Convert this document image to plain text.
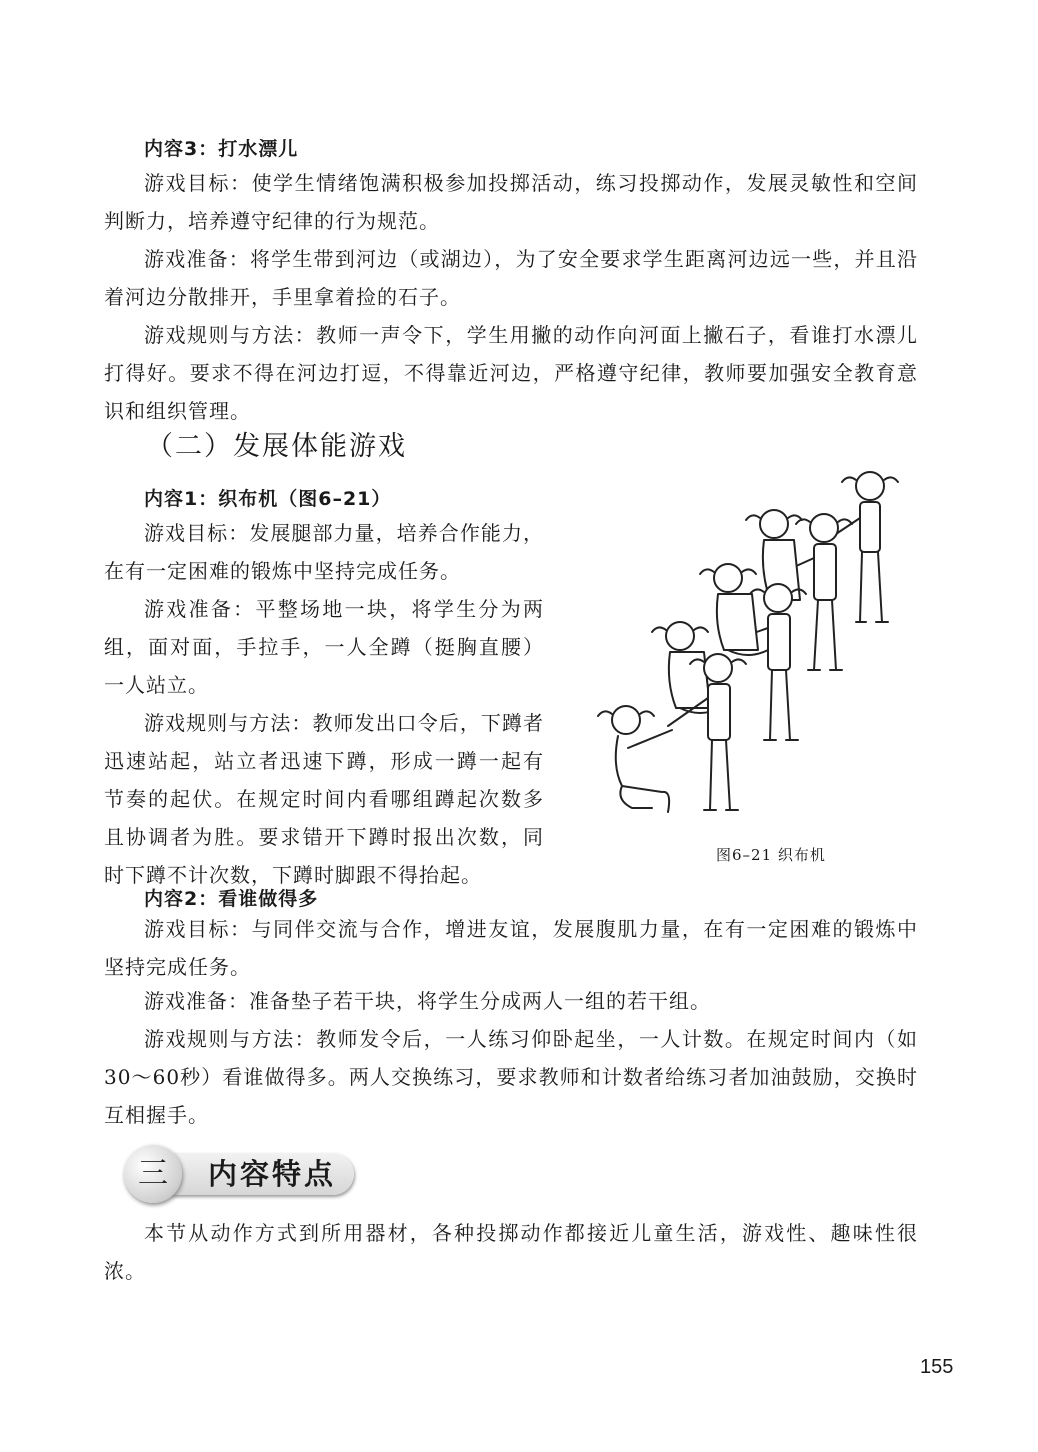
内容3：打水漂儿

游戏目标：使学生情绪饱满积极参加投掷活动，练习投掷动作，发展灵敏性和空间判断力，培养遵守纪律的行为规范。

游戏准备：将学生带到河边（或湖边），为了安全要求学生距离河边远一些，并且沿着河边分散排开，手里拿着捡的石子。

游戏规则与方法：教师一声令下，学生用撇的动作向河面上撇石子，看谁打水漂儿打得好。要求不得在河边打逗，不得靠近河边，严格遵守纪律，教师要加强安全教育意识和组织管理。

（二）发展体能游戏

内容1：织布机（图6–21）

游戏目标：发展腿部力量，培养合作能力，在有一定困难的锻炼中坚持完成任务。

游戏准备：平整场地一块，将学生分为两组，面对面，手拉手，一人全蹲（挺胸直腰）一人站立。

游戏规则与方法：教师发出口令后，下蹲者迅速站起，站立者迅速下蹲，形成一蹲一起有节奏的起伏。在规定时间内看哪组蹲起次数多且协调者为胜。要求错开下蹲时报出次数，同时下蹲不计次数，下蹲时脚跟不得抬起。

图6–21 织布机

内容2：看谁做得多

游戏目标：与同伴交流与合作，增进友谊，发展腹肌力量，在有一定困难的锻炼中坚持完成任务。

游戏准备：准备垫子若干块，将学生分成两人一组的若干组。

游戏规则与方法：教师发令后，一人练习仰卧起坐，一人计数。在规定时间内（如30～60秒）看谁做得多。两人交换练习，要求教师和计数者给练习者加油鼓励，交换时互相握手。

三	内容特点

本节从动作方式到所用器材，各种投掷动作都接近儿童生活，游戏性、趣味性很浓。

155
